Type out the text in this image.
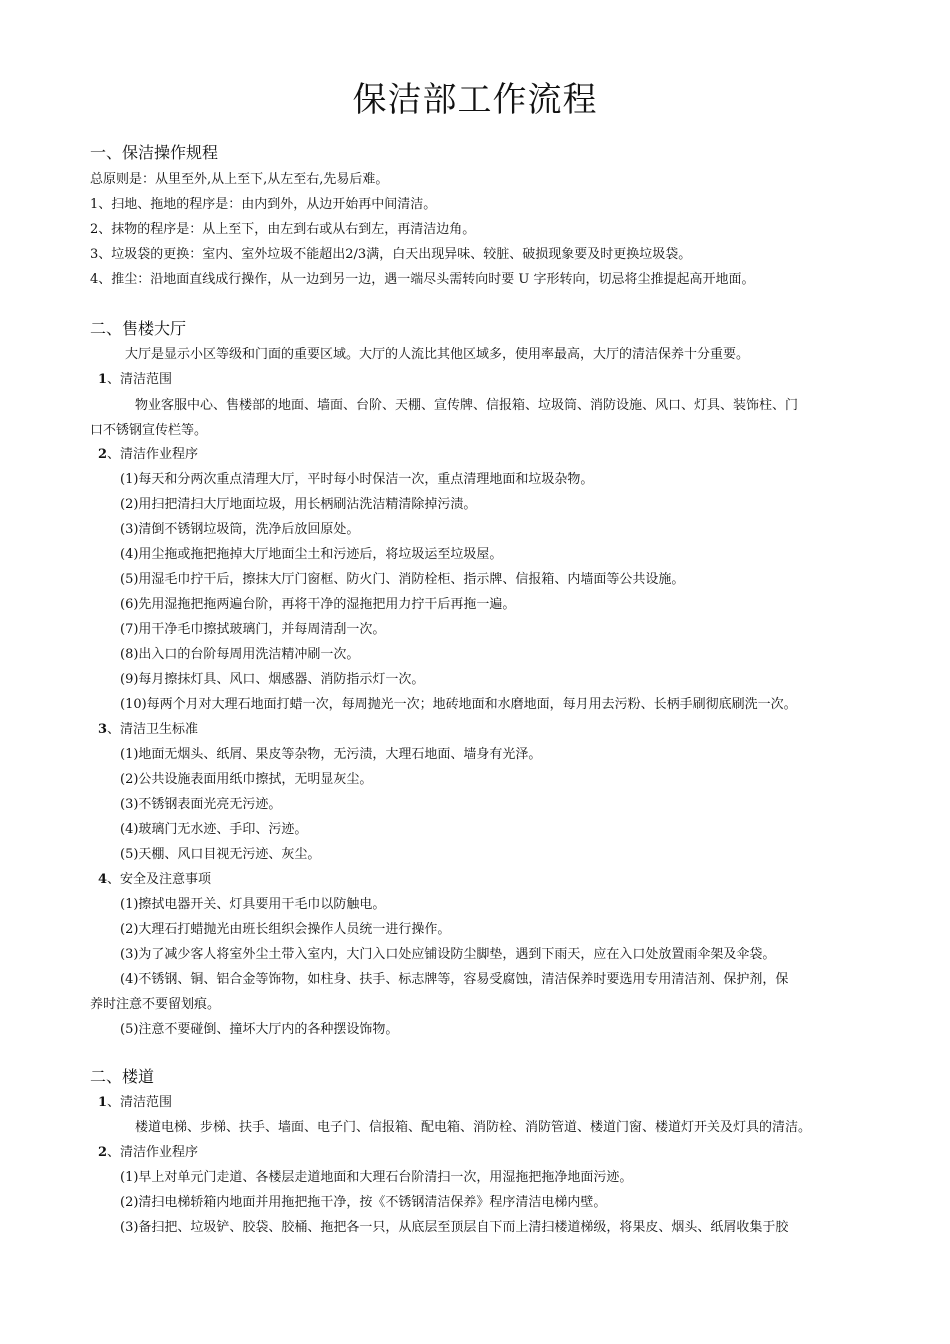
保洁部工作流程
一、保洁操作规程
总原则是：从里至外,从上至下,从左至右,先易后难。
1、扫地、拖地的程序是：由内到外，从边开始再中间清洁。
2、抹物的程序是：从上至下，由左到右或从右到左，再清洁边角。
3、垃圾袋的更换：室内、室外垃圾不能超出2/3满，白天出现异味、较脏、破损现象要及时更换垃圾袋。
4、推尘：沿地面直线成行操作，从一边到另一边，遇一端尽头需转向时要 U 字形转向，切忌将尘推提起高开地面。
二、售楼大厅
大厅是显示小区等级和门面的重要区域。大厅的人流比其他区域多，使用率最高，大厅的清洁保养十分重要。
1、清洁范围
物业客服中心、售楼部的地面、墙面、台阶、天棚、宣传牌、信报箱、垃圾筒、消防设施、风口、灯具、装饰柱、门
口不锈钢宣传栏等。
2、清洁作业程序
(1)每天和分两次重点清理大厅，平时每小时保洁一次，重点清理地面和垃圾杂物。
(2)用扫把清扫大厅地面垃圾，用长柄刷沾洗洁精清除掉污渍。
(3)清倒不锈钢垃圾筒，洗净后放回原处。
(4)用尘拖或拖把拖掉大厅地面尘土和污迹后，将垃圾运至垃圾屋。
(5)用湿毛巾拧干后，擦抹大厅门窗框、防火门、消防栓柜、指示牌、信报箱、内墙面等公共设施。
(6)先用湿拖把拖两遍台阶，再将干净的湿拖把用力拧干后再拖一遍。
(7)用干净毛巾擦拭玻璃门，并每周清刮一次。
(8)出入口的台阶每周用洗洁精冲刷一次。
(9)每月擦抹灯具、风口、烟感器、消防指示灯一次。
(10)每两个月对大理石地面打蜡一次，每周抛光一次；地砖地面和水磨地面，每月用去污粉、长柄手刷彻底刷洗一次。
3、清洁卫生标准
(1)地面无烟头、纸屑、果皮等杂物，无污渍，大理石地面、墙身有光泽。
(2)公共设施表面用纸巾擦拭，无明显灰尘。
(3)不锈钢表面光亮无污迹。
(4)玻璃门无水迹、手印、污迹。
(5)天棚、风口目视无污迹、灰尘。
4、安全及注意事项
(1)擦拭电器开关、灯具要用干毛巾以防触电。
(2)大理石打蜡抛光由班长组织会操作人员统一进行操作。
(3)为了减少客人将室外尘土带入室内，大门入口处应铺设防尘脚垫，遇到下雨天，应在入口处放置雨伞架及伞袋。
(4)不锈钢、铜、铝合金等饰物，如柱身、扶手、标志牌等，容易受腐蚀，清洁保养时要选用专用清洁剂、保护剂，保
养时注意不要留划痕。
(5)注意不要碰倒、撞坏大厅内的各种摆设饰物。
二、楼道
1、清洁范围
楼道电梯、步梯、扶手、墙面、电子门、信报箱、配电箱、消防栓、消防管道、楼道门窗、楼道灯开关及灯具的清洁。
2、清洁作业程序
(1)早上对单元门走道、各楼层走道地面和大理石台阶清扫一次，用湿拖把拖净地面污迹。
(2)清扫电梯轿箱内地面并用拖把拖干净，按《不锈钢清洁保养》程序清洁电梯内壁。
(3)备扫把、垃圾铲、胶袋、胶桶、拖把各一只，从底层至顶层自下而上清扫楼道梯级，将果皮、烟头、纸屑收集于胶
